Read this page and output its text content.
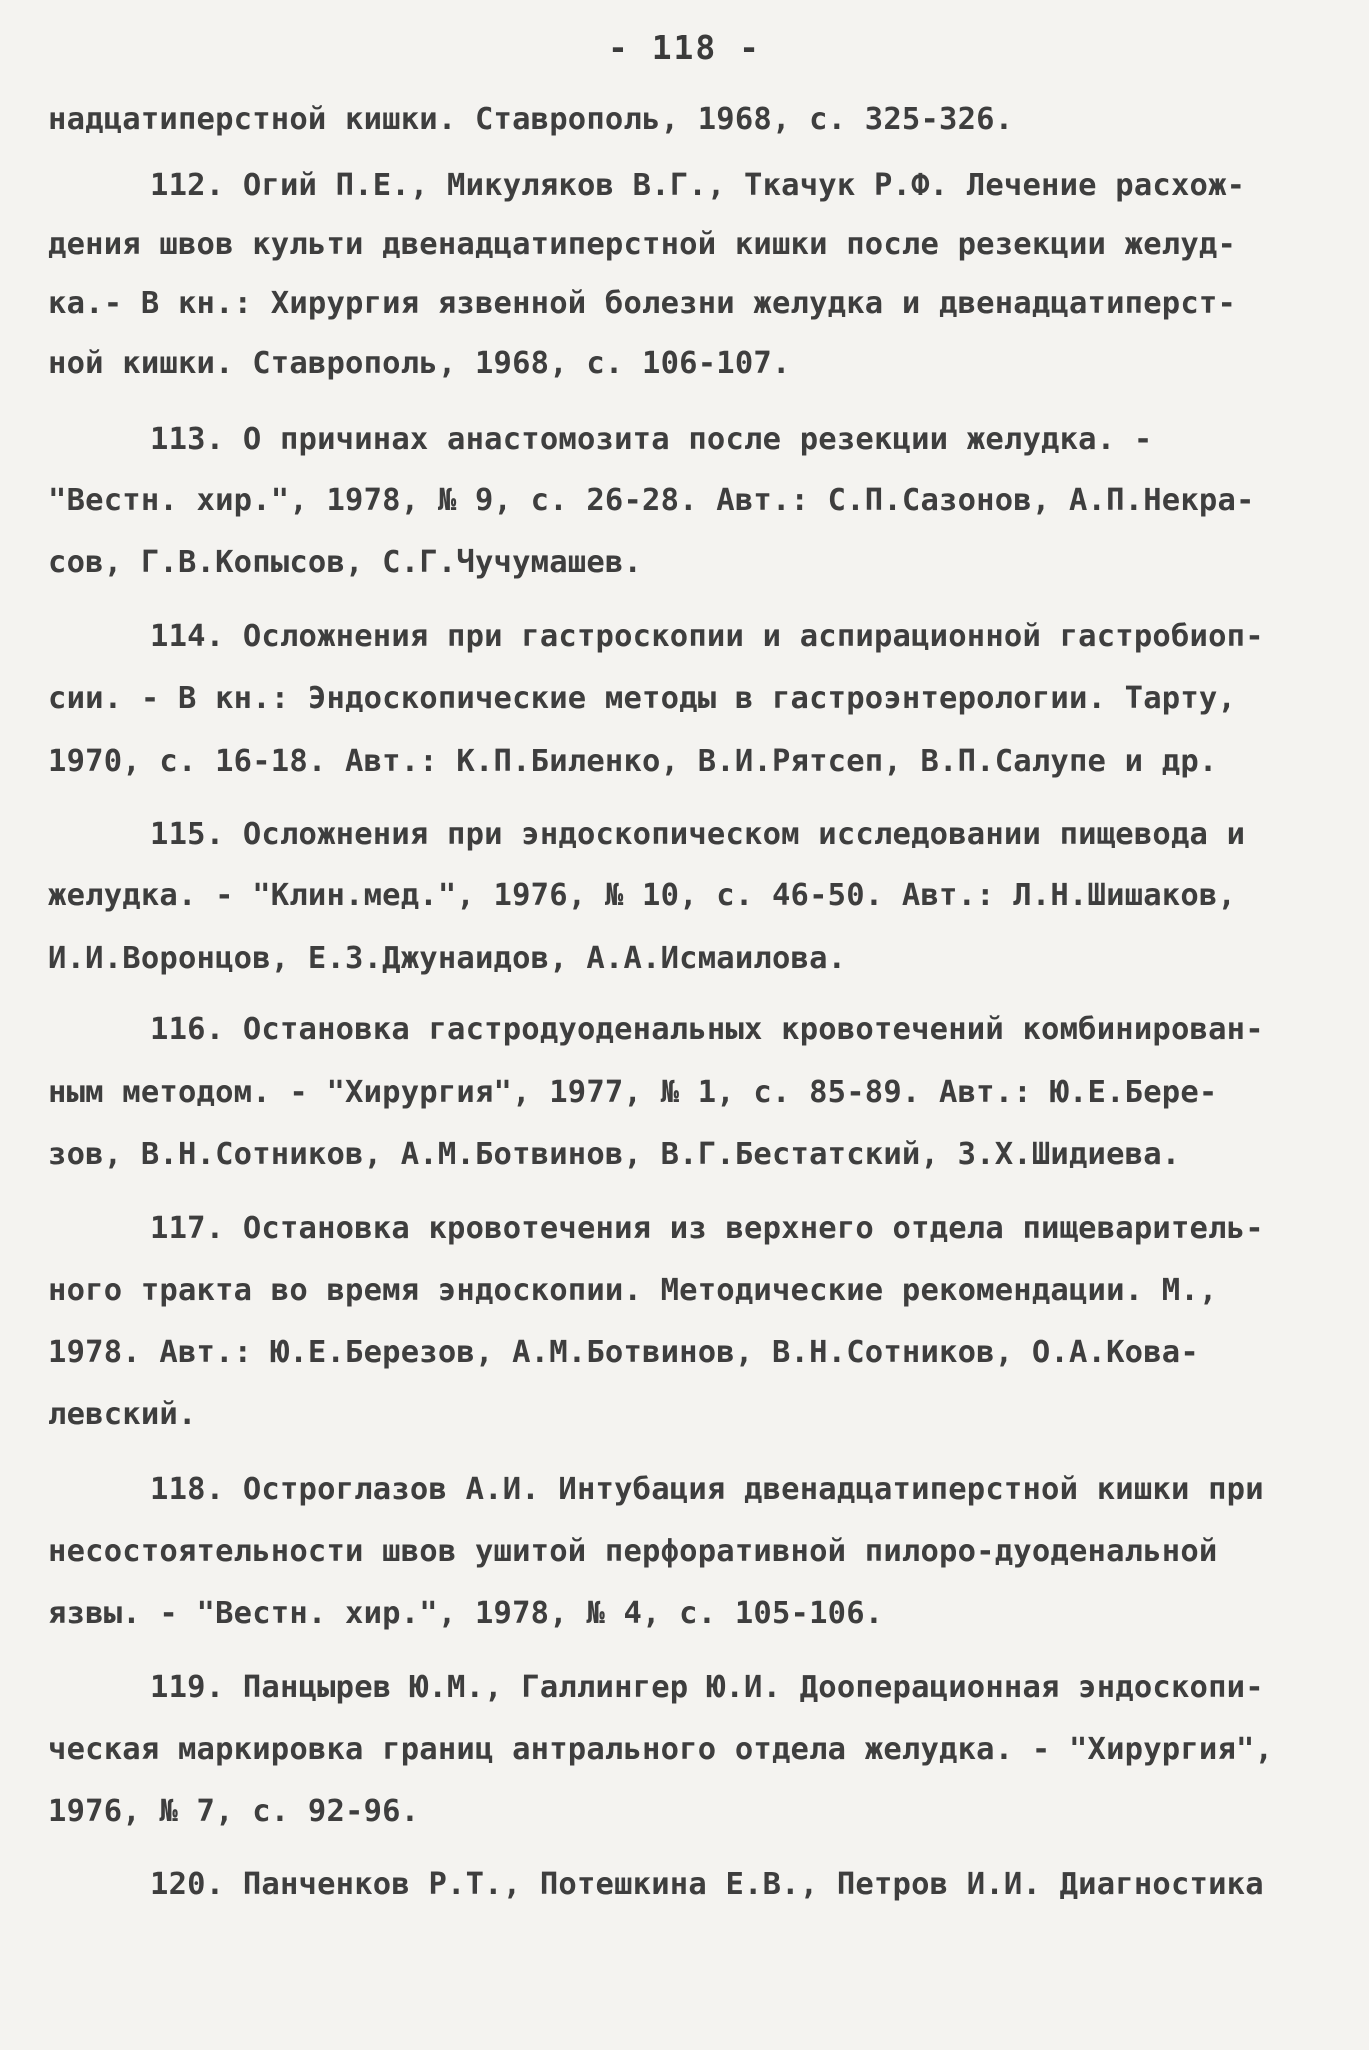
- 118 -
надцатиперстной кишки. Ставрополь, 1968, с. 325-326.
112. Огий П.Е., Микуляков В.Г., Ткачук Р.Ф. Лечение расхож-
дения швов культи двенадцатиперстной кишки после резекции желуд-
ка.- В кн.: Хирургия язвенной болезни желудка и двенадцатиперст-
ной кишки. Ставрополь, 1968, с. 106-107.
113. О причинах анастомозита после резекции желудка. -
"Вестн. хир.", 1978, № 9, с. 26-28. Авт.: С.П.Сазонов, А.П.Некра-
сов, Г.В.Копысов, С.Г.Чучумашев.
114. Осложнения при гастроскопии и аспирационной гастробиоп-
сии. - В кн.: Эндоскопические методы в гастроэнтерологии. Тарту,
1970, с. 16-18. Авт.: К.П.Биленко, В.И.Рятсеп, В.П.Салупе и др.
115. Осложнения при эндоскопическом исследовании пищевода и
желудка. - "Клин.мед.", 1976, № 10, с. 46-50. Авт.: Л.Н.Шишаков,
И.И.Воронцов, Е.З.Джунаидов, А.А.Исмаилова.
116. Остановка гастродуоденальных кровотечений комбинирован-
ным методом. - "Хирургия", 1977, № 1, с. 85-89. Авт.: Ю.Е.Бере-
зов, В.Н.Сотников, А.М.Ботвинов, В.Г.Бестатский, З.Х.Шидиева.
117. Остановка кровотечения из верхнего отдела пищеваритель-
ного тракта во время эндоскопии. Методические рекомендации. М.,
1978. Авт.: Ю.Е.Березов, А.М.Ботвинов, В.Н.Сотников, О.А.Кова-
левский.
118. Остроглазов А.И. Интубация двенадцатиперстной кишки при
несостоятельности швов ушитой перфоративной пилоро-дуоденальной
язвы. - "Вестн. хир.", 1978, № 4, с. 105-106.
119. Панцырев Ю.М., Галлингер Ю.И. Дооперационная эндоскопи-
ческая маркировка границ антрального отдела желудка. - "Хирургия",
1976, № 7, с. 92-96.
120. Панченков Р.Т., Потешкина Е.В., Петров И.И. Диагностика
